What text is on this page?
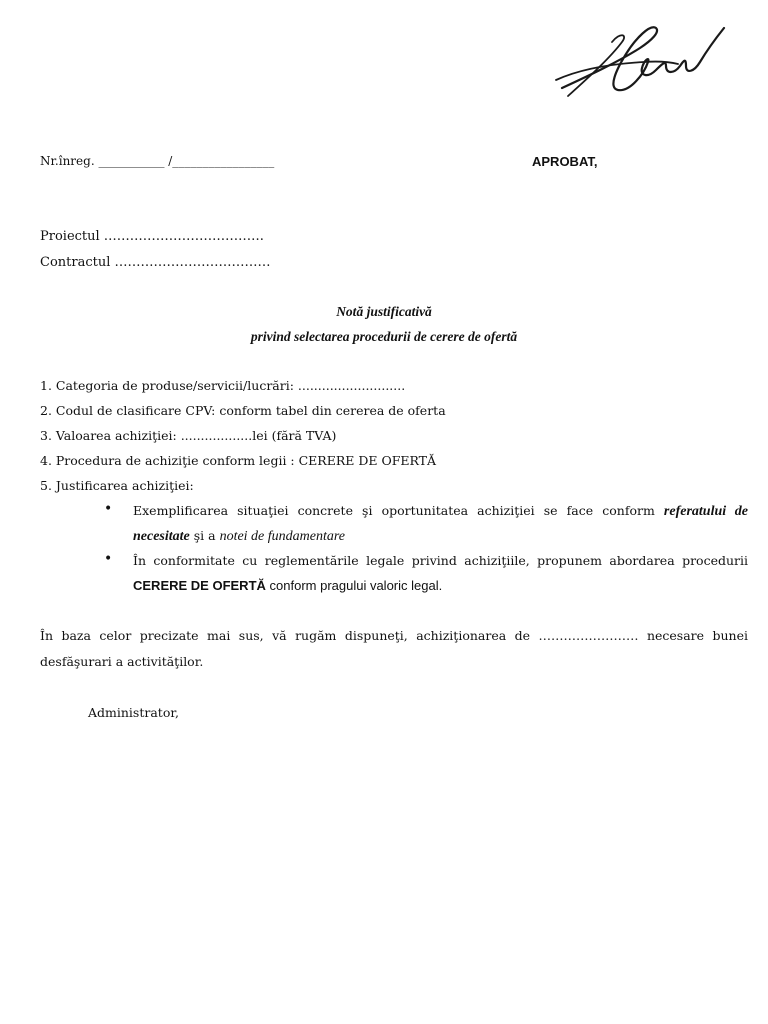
Nr.înreg. ___________ /_________________	APROBAT,
Proiectul ……………………………….
Contractul ………………………………
Notă justificativă
privind selectarea procedurii de cerere de ofertă
1. Categoria de produse/servicii/lucrări: ...........................
2. Codul de clasificare CPV: conform tabel din cererea de oferta
3. Valoarea achiziţiei: ..................lei (fără TVA)
4. Procedura de achiziţie conform legii : CERERE DE OFERTĂ
5. Justificarea achiziţiei:
• Exemplificarea situaţiei concrete şi oportunitatea achiziţiei se face conform referatului de
necesitate şi a notei de fundamentare
• În conformitate cu reglementările legale privind achiziţiile, propunem abordarea procedurii
CERERE DE OFERTĂ conform pragului valoric legal.
În baza celor precizate mai sus, vă rugăm dispuneţi, achiziţionarea de …………………… necesare bunei
desfăşurari a activităţilor.
Administrator,
